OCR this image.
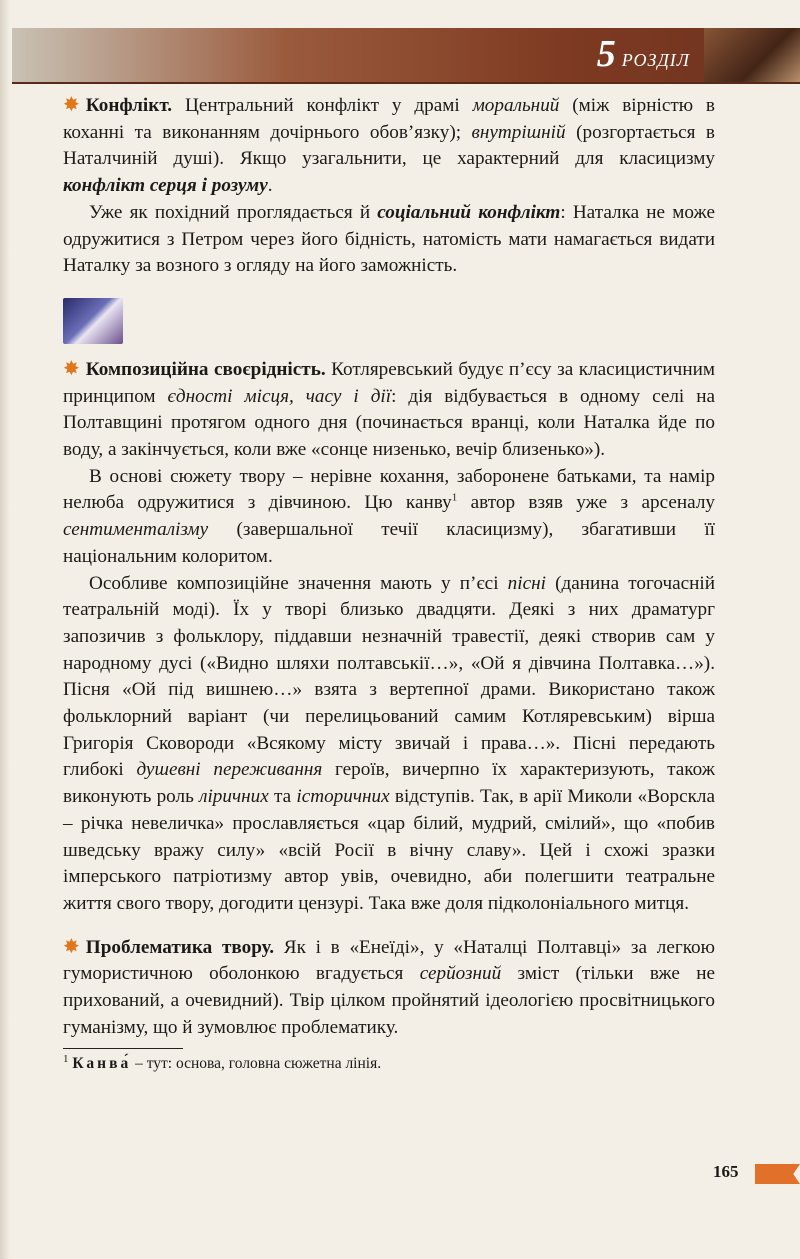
5 РОЗДІЛ

✸ Конфлікт. Центральний конфлікт у драмі моральний (між вірністю в коханні та виконанням дочірнього обов’язку); внутрішній (розгортається в Наталчиній душі). Якщо узагальнити, це характерний для класицизму конфлікт серця і розуму.

Уже як похідний проглядається й соціальний конфлікт: Наталка не може одружитися з Петром через його бідність, натомість мати намагається видати Наталку за возного з огляду на його заможність.

✸ Композиційна своєрідність. Котляревський будує п’єсу за класицистичним принципом єдності місця, часу і дії: дія відбувається в одному селі на Полтавщині протягом одного дня (починається вранці, коли Наталка йде по воду, а закінчується, коли вже «сонце низенько, вечір близенько»).

В основі сюжету твору – нерівне кохання, заборонене батьками, та намір нелюба одружитися з дівчиною. Цю канву$^1$ автор взяв уже з арсеналу сентименталізму (завершальної течії класицизму), збагативши її національним колоритом.

Особливе композиційне значення мають у п’єсі пісні (данина тогочасній театральній моді). Їх у творі близько двадцяти. Деякі з них драматург запозичив з фольклору, піддавши незначній травестії, деякі створив сам у народному дусі («Видно шляхи полтавськії…», «Ой я дівчина Полтавка…»). Пісня «Ой під вишнею…» взята з вертепної драми. Використано також фольклорний варіант (чи перелицьований самим Котляревським) вірша Григорія Сковороди «Всякому місту звичай і права…». Пісні передають глибокі душевні переживання героїв, вичерпно їх характеризують, також виконують роль ліричних та історичних відступів. Так, в арії Миколи «Ворскла – річка невеличка» прославляється «цар білий, мудрий, смілий», що «побив шведську вражу силу» «всій Росії в вічну славу». Цей і схожі зразки імперського патріотизму автор увів, очевидно, аби полегшити театральне життя свого твору, догодити цензурі. Така вже доля підколоніального митця.

✸ Проблематика твору. Як і в «Енеїді», у «Наталці Полтавці» за легкою гумористичною оболонкою вгадується серйозний зміст (тільки вже не прихований, а очевидний). Твір цілком пройнятий ідеологією просвітницького гуманізму, що й зумовлює проблематику.

$^1$ Канва́ – тут: основа, головна сюжетна лінія.

165
